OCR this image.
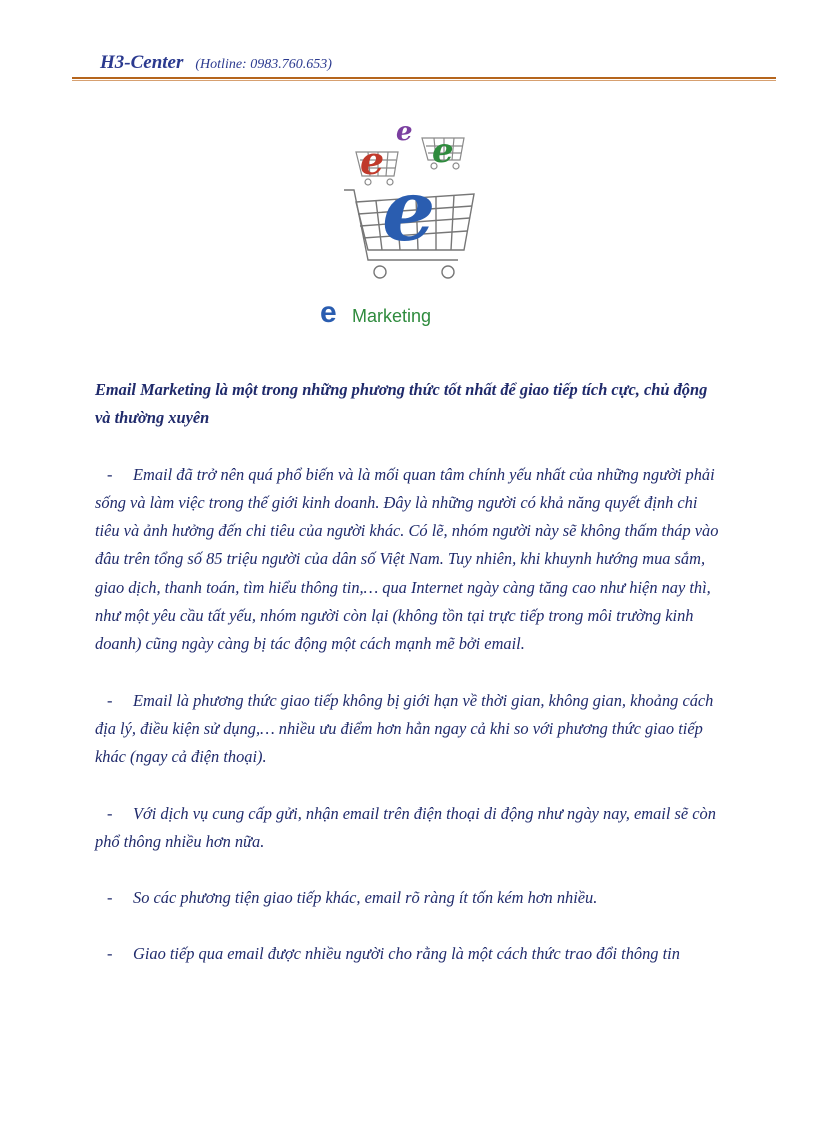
H3-Center (Hotline: 0983.760.653)
e
e e
e
e Marketing

Email Marketing là một trong những phương thức tốt nhất để giao tiếp tích cực, chủ động và thường xuyên

- Email đã trở nên quá phổ biến và là mối quan tâm chính yếu nhất của những người phải sống và làm việc trong thế giới kinh doanh. Đây là những người có khả năng quyết định chi tiêu và ảnh hưởng đến chi tiêu của người khác. Có lẽ, nhóm người này sẽ không thấm tháp vào đâu trên tổng số 85 triệu người của dân số Việt Nam. Tuy nhiên, khi khuynh hướng mua sắm, giao dịch, thanh toán, tìm hiểu thông tin,… qua Internet ngày càng tăng cao như hiện nay thì, như một yêu cầu tất yếu, nhóm người còn lại (không tồn tại trực tiếp trong môi trường kinh doanh) cũng ngày càng bị tác động một cách mạnh mẽ bởi email.

- Email là phương thức giao tiếp không bị giới hạn về thời gian, không gian, khoảng cách địa lý, điều kiện sử dụng,… nhiều ưu điểm hơn hẳn ngay cả khi so với phương thức giao tiếp khác (ngay cả điện thoại).

- Với dịch vụ cung cấp gửi, nhận email trên điện thoại di động như ngày nay, email sẽ còn phổ thông nhiều hơn nữa.

- So các phương tiện giao tiếp khác, email rõ ràng ít tốn kém hơn nhiều.

- Giao tiếp qua email được nhiều người cho rằng là một cách thức trao đổi thông tin
